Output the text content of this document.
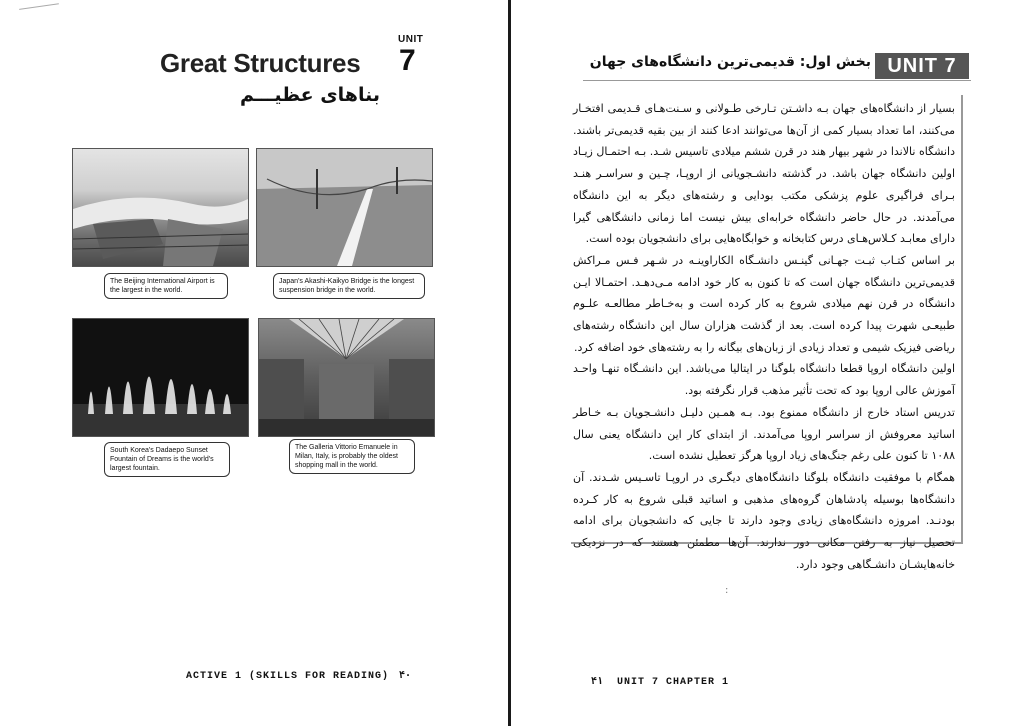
UNIT
7
Great Structures
بناهای عظیـــم
The Beijing International Airport is the largest in the world.
Japan's Akashi-Kaikyo Bridge is the longest suspension bridge in the world.
South Korea's Dadaepo Sunset Fountain of Dreams is the world's largest fountain.
The Galleria Vittorio Emanuele in Milan, Italy, is probably the oldest shopping mall in the world.
ACTIVE 1 (SKILLS FOR READING) ۴۰
UNIT 7
بخش اول: قدیمی‌ترین دانشگاه‌های جهان

بسیار از دانشگاه‌های جهان بـه داشـتن تـارخی طـولانی و سـنت‌هـای قـدیمی افتخـار می‌کنند، اما تعداد بسیار کمی از آن‌ها می‌توانند ادعا کنند از بین بقیه قدیمی‌تر باشند. دانشگاه نالاندا در شهر بیهار هند در قرن ششم میلادی تاسیس شـد. بـه احتمـال زیـاد اولین دانشگاه جهان باشد. در گذشته دانشـجویانی از اروپـا، چـین و سراسـر هنـد بـرای فراگیری علوم پزشکی مکتب بودایی و رشته‌های دیگر به این دانشگاه می‌آمدند. در حال حاضر دانشگاه خرابه‌ای بیش نیست اما زمانی دانشگاهی گیرا دارای معابـد کـلاس‌هـای درس کتابخانه و خوابگاه‌هایی برای دانشجویان بوده است.

بر اساس کتـاب ثبـت جهـانی گینـس دانشـگاه الکاراوینـه در شـهر فـس مـراکش قدیمی‌ترین دانشگاه جهان است که تا کنون به کار خود ادامه مـی‌دهـد. احتمـالا ایـن دانشگاه در قرن نهم میلادی شروع به کار کرده است و به‌خـاطر مطالعـه علـوم طبیعـی شهرت پیدا کرده است. بعد از گذشت هزاران سال این دانشگاه رشته‌های ریاضی فیزیک شیمی و تعداد زیادی از زبان‌های بیگانه را به رشته‌های خود اضافه کرد.

اولین دانشگاه اروپا قطعا دانشگاه بلوگنا در ایتالیا می‌باشد. این دانشـگاه تنهـا واحـد آموزش عالی اروپا بود که تحت تأثیر مذهب قرار نگرفته بود.

تدریس استاد خارج از دانشگاه ممنوع بود. بـه همـین دلیـل دانشـجویان بـه خـاطر اساتید معروفش از سراسر اروپا می‌آمدند. از ابتدای کار این دانشگاه یعنی سال ۱۰۸۸ تا کنون علی رغم جنگ‌های زیاد اروپا هرگز تعطیل نشده است.

همگام با موفقیت دانشگاه بلوگنا دانشگاه‌های دیگـری در اروپـا تاسـیس شـدند. آن دانشگاه‌ها بوسیله پادشاهان گروه‌های مذهبی و اساتید قبلی شروع به کار کـرده بودنـد. امروزه دانشگاه‌های زیادی وجود دارند تا جایی که دانشجویان برای ادامه تحصیل نیاز به رفتن مکانی دور ندارند. آن‌ها مطمئن هستند که در نزدیکی خانه‌هایشـان دانشـگاهی وجود دارد.

:
۴۱ UNIT 7 CHAPTER 1
